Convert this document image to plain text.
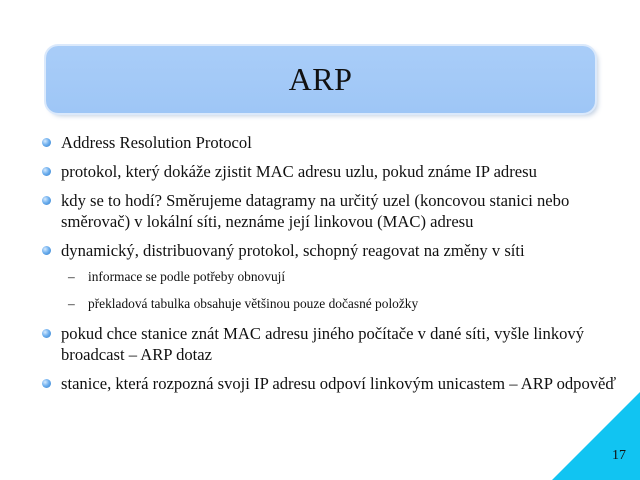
ARP
Address Resolution Protocol
protokol, který dokáže zjistit MAC adresu uzlu, pokud známe IP adresu
kdy se to hodí? Směrujeme datagramy na určitý uzel (koncovou stanici nebo směrovač) v lokální síti, neznáme její linkovou (MAC) adresu
dynamický, distribuovaný protokol, schopný reagovat na změny v síti
– informace se podle potřeby obnovují
– překladová tabulka obsahuje většinou pouze dočasné položky
pokud chce stanice znát MAC adresu jiného počítače v dané síti, vyšle linkový broadcast – ARP dotaz
stanice, která rozpozná svoji IP adresu odpoví linkovým unicastem – ARP odpověď
17
